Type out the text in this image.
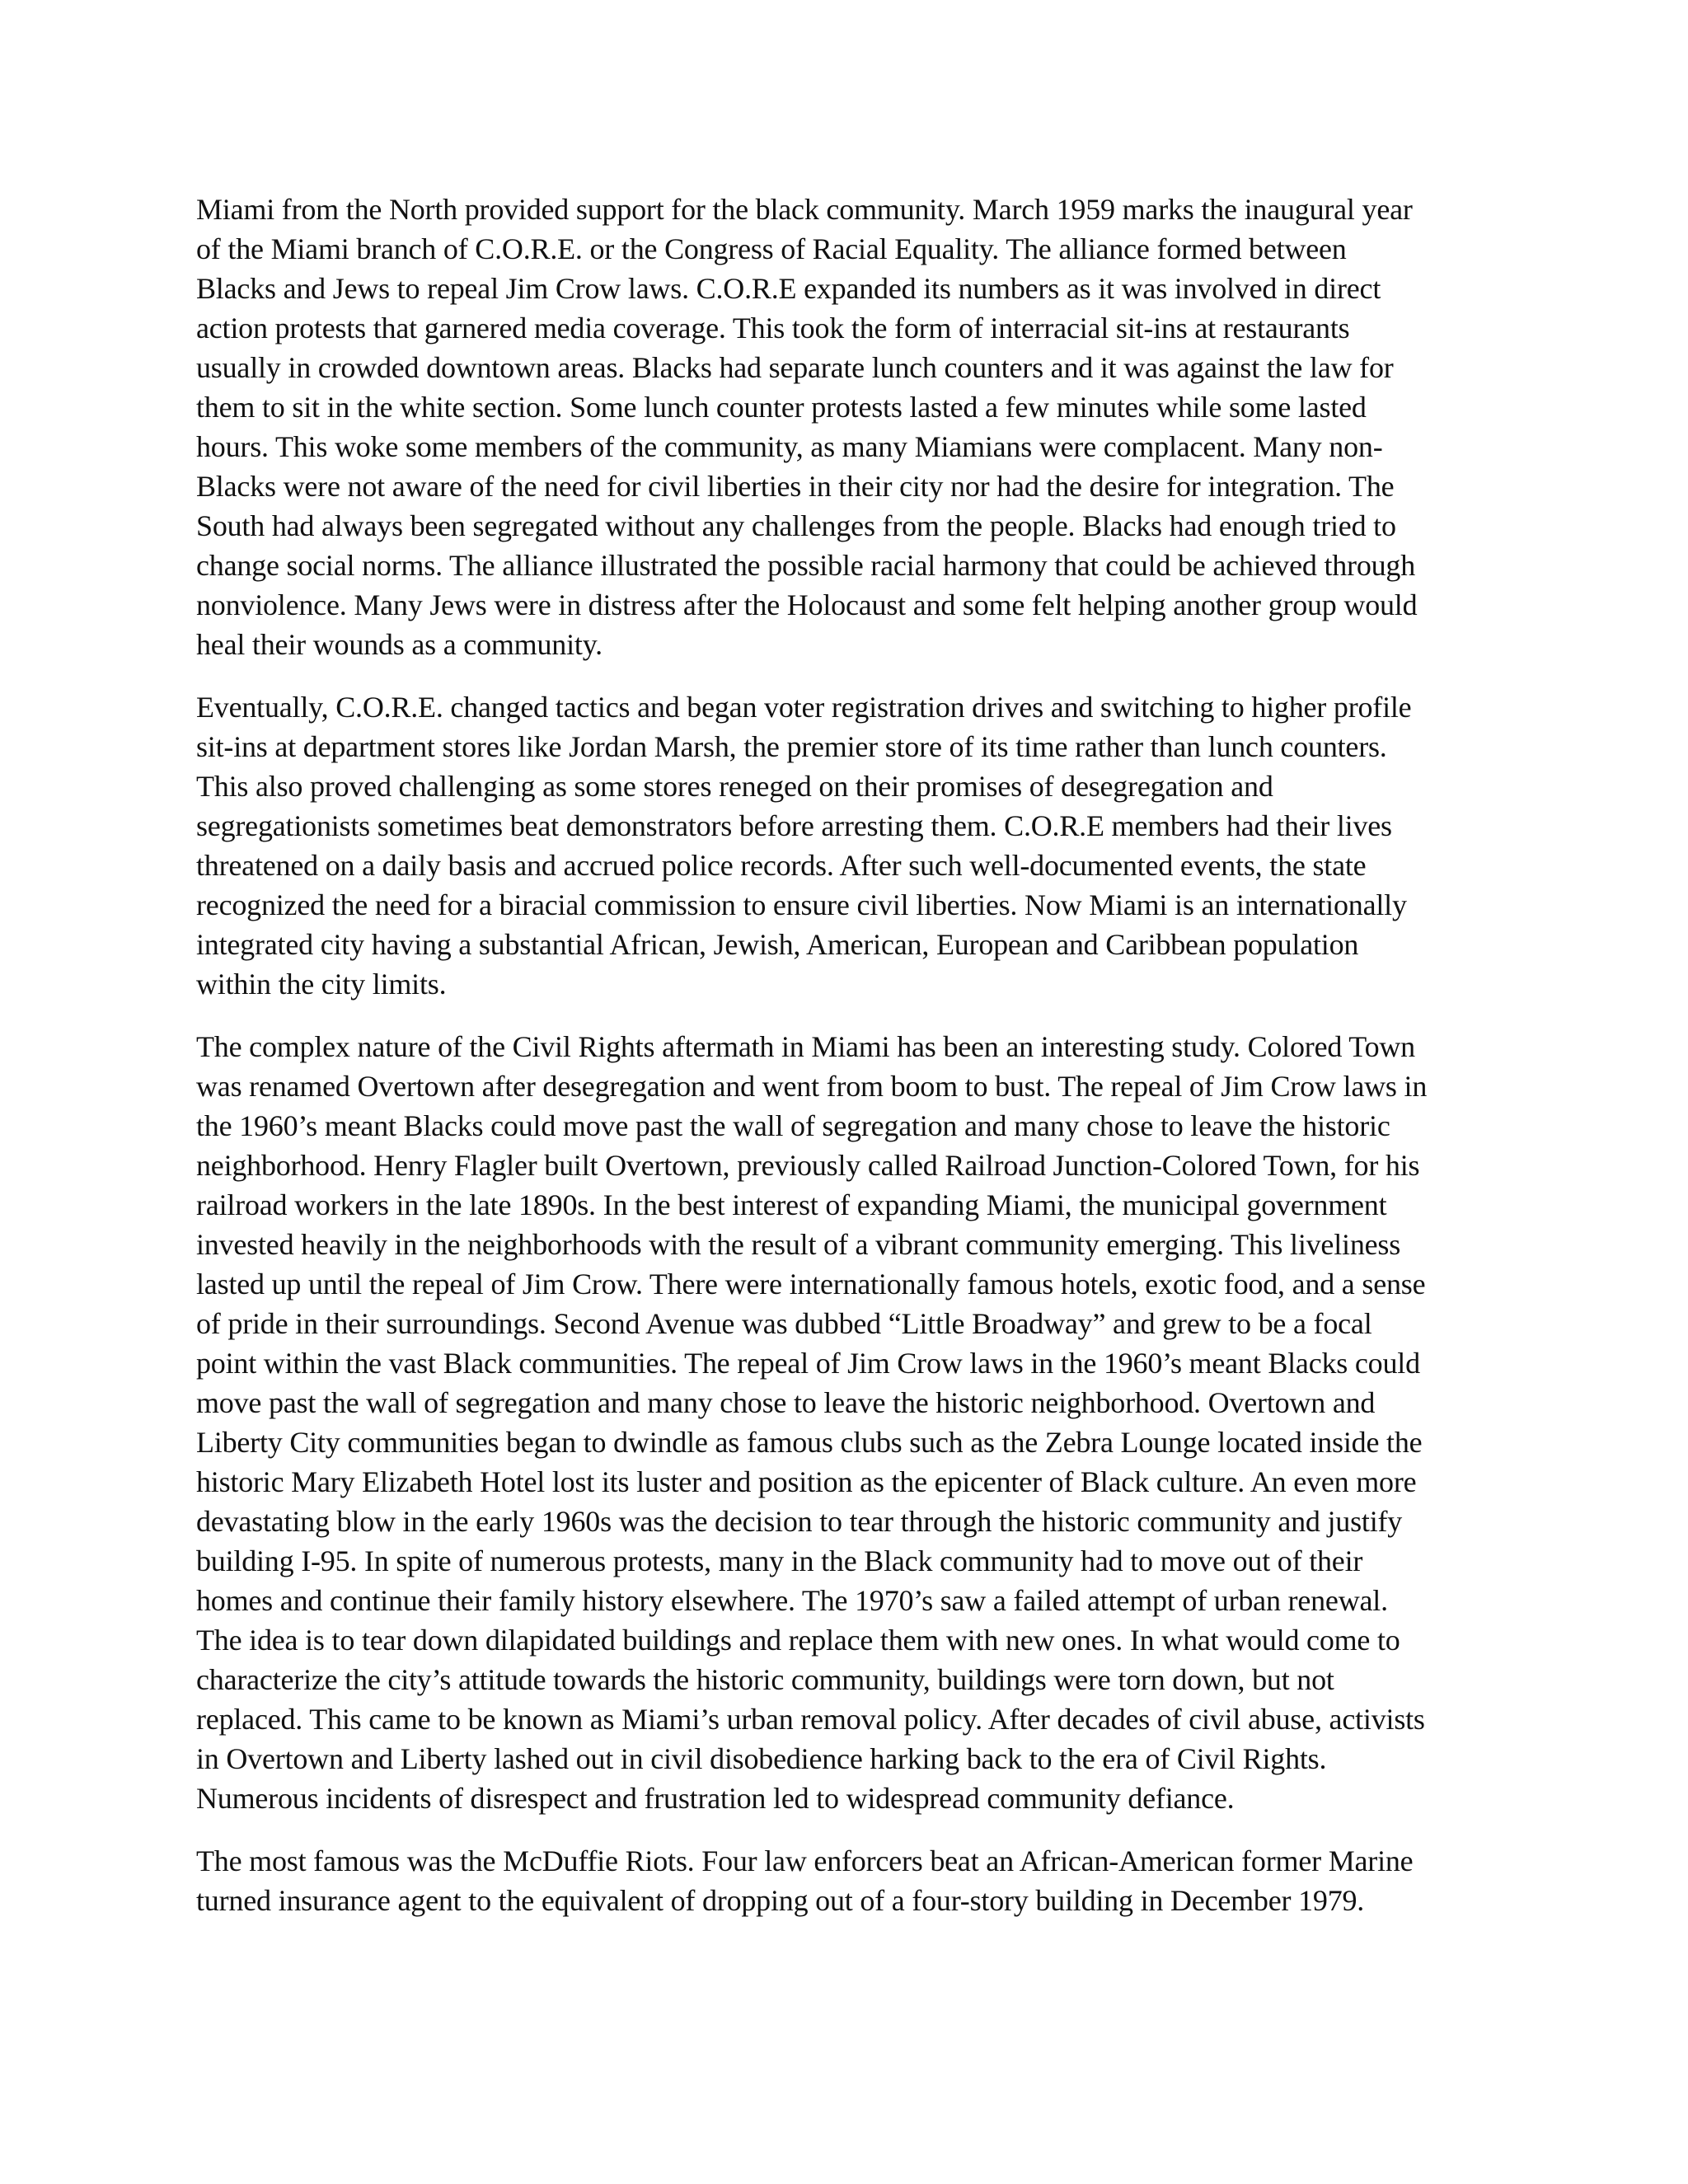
Miami from the North provided support for the black community. March 1959 marks the inaugural year
of the Miami branch of C.O.R.E. or the Congress of Racial Equality. The alliance formed between
Blacks and Jews to repeal Jim Crow laws. C.O.R.E expanded its numbers as it was involved in direct
action protests that garnered media coverage. This took the form of interracial sit-ins at restaurants
usually in crowded downtown areas. Blacks had separate lunch counters and it was against the law for
them to sit in the white section. Some lunch counter protests lasted a few minutes while some lasted
hours. This woke some members of the community, as many Miamians were complacent. Many non-
Blacks were not aware of the need for civil liberties in their city nor had the desire for integration. The
South had always been segregated without any challenges from the people. Blacks had enough tried to
change social norms. The alliance illustrated the possible racial harmony that could be achieved through
nonviolence. Many Jews were in distress after the Holocaust and some felt helping another group would
heal their wounds as a community.
Eventually, C.O.R.E. changed tactics and began voter registration drives and switching to higher profile
sit-ins at department stores like Jordan Marsh, the premier store of its time rather than lunch counters.
This also proved challenging as some stores reneged on their promises of desegregation and
segregationists sometimes beat demonstrators before arresting them. C.O.R.E members had their lives
threatened on a daily basis and accrued police records. After such well-documented events, the state
recognized the need for a biracial commission to ensure civil liberties. Now Miami is an internationally
integrated city having a substantial African, Jewish, American, European and Caribbean population
within the city limits.
The complex nature of the Civil Rights aftermath in Miami has been an interesting study. Colored Town
was renamed Overtown after desegregation and went from boom to bust. The repeal of Jim Crow laws in
the 1960’s meant Blacks could move past the wall of segregation and many chose to leave the historic
neighborhood. Henry Flagler built Overtown, previously called Railroad Junction-Colored Town, for his
railroad workers in the late 1890s. In the best interest of expanding Miami, the municipal government
invested heavily in the neighborhoods with the result of a vibrant community emerging. This liveliness
lasted up until the repeal of Jim Crow. There were internationally famous hotels, exotic food, and a sense
of pride in their surroundings. Second Avenue was dubbed “Little Broadway” and grew to be a focal
point within the vast Black communities. The repeal of Jim Crow laws in the 1960’s meant Blacks could
move past the wall of segregation and many chose to leave the historic neighborhood. Overtown and
Liberty City communities began to dwindle as famous clubs such as the Zebra Lounge located inside the
historic Mary Elizabeth Hotel lost its luster and position as the epicenter of Black culture. An even more
devastating blow in the early 1960s was the decision to tear through the historic community and justify
building I-95. In spite of numerous protests, many in the Black community had to move out of their
homes and continue their family history elsewhere. The 1970’s saw a failed attempt of urban renewal.
The idea is to tear down dilapidated buildings and replace them with new ones. In what would come to
characterize the city’s attitude towards the historic community, buildings were torn down, but not
replaced. This came to be known as Miami’s urban removal policy. After decades of civil abuse, activists
in Overtown and Liberty lashed out in civil disobedience harking back to the era of Civil Rights.
Numerous incidents of disrespect and frustration led to widespread community defiance.
The most famous was the McDuffie Riots. Four law enforcers beat an African-American former Marine
turned insurance agent to the equivalent of dropping out of a four-story building in December 1979.
